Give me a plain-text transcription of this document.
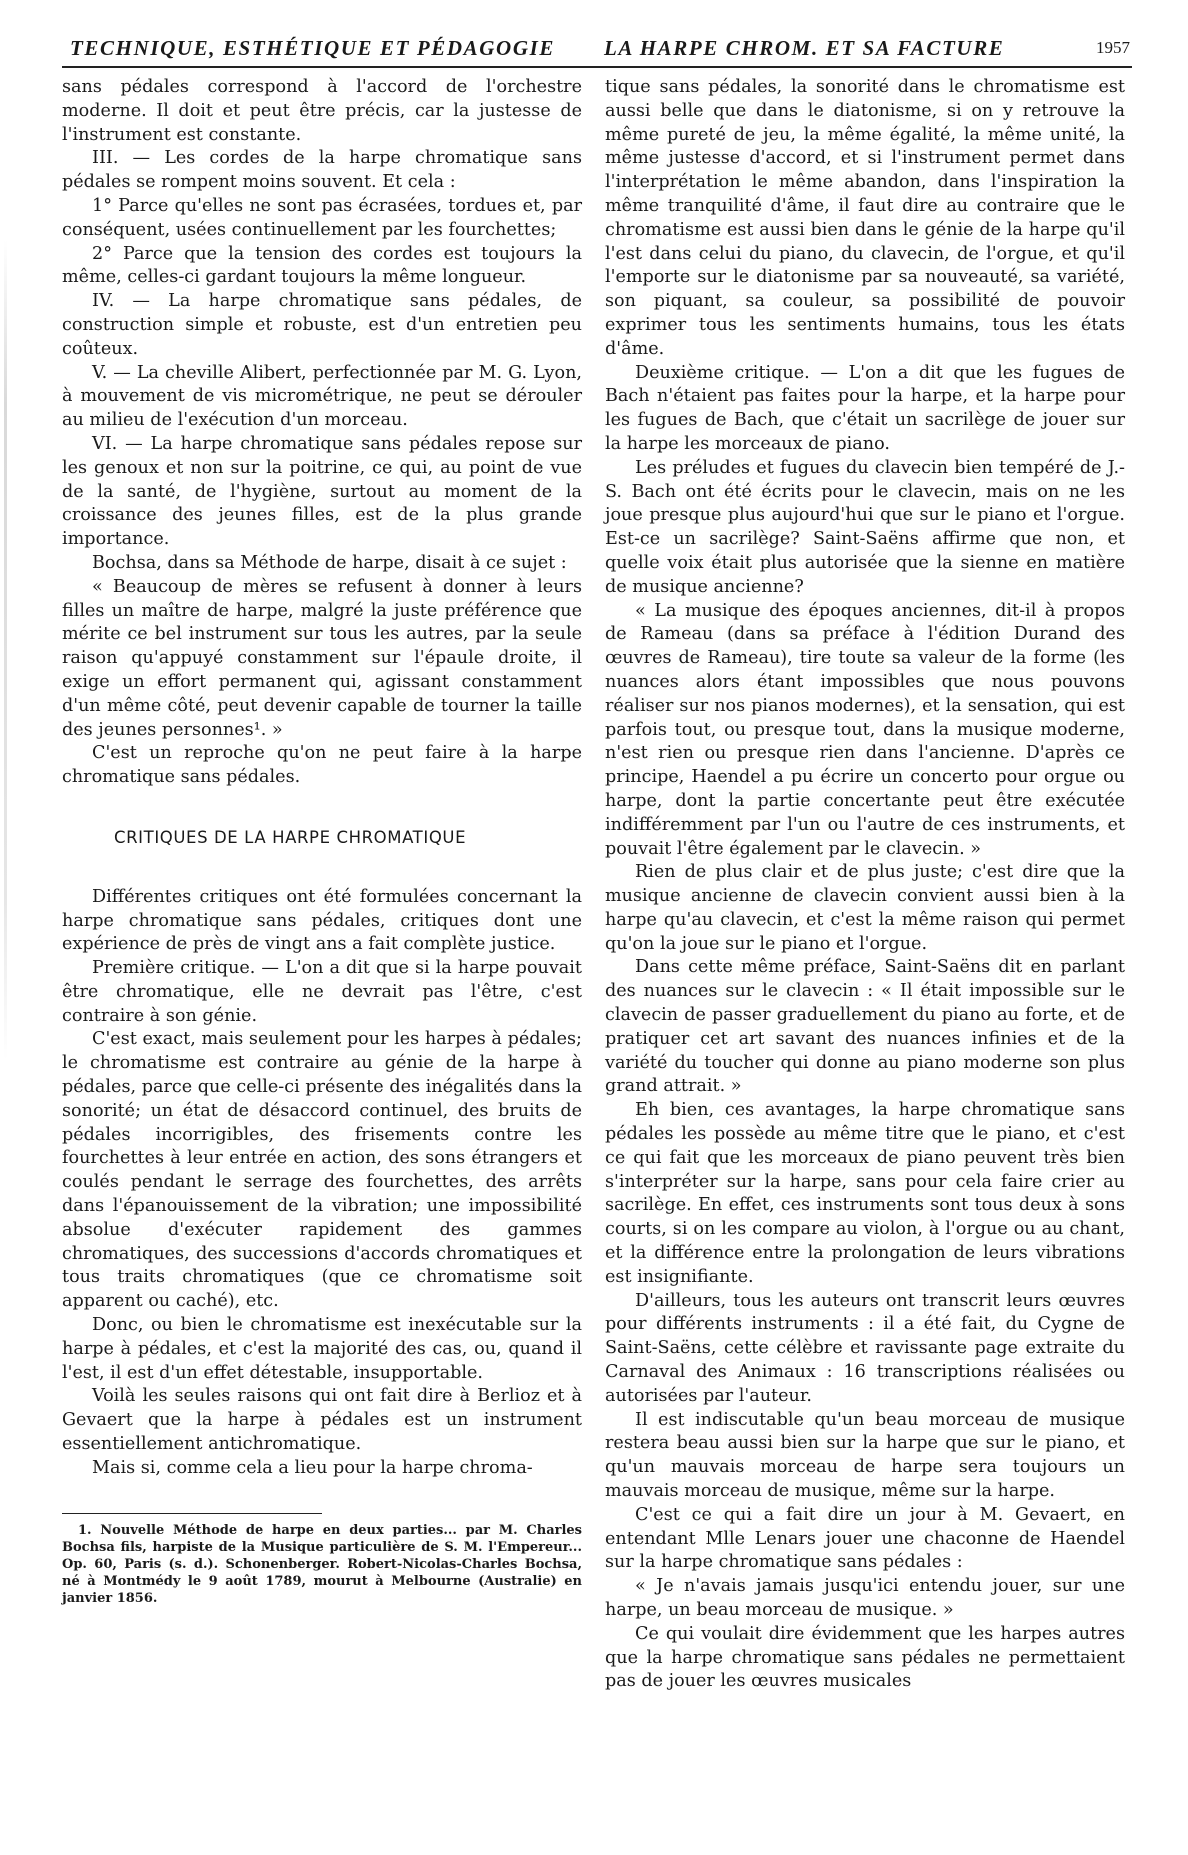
TECHNIQUE, ESTHÉTIQUE ET PÉDAGOGIE LA HARPE CHROM. ET SA FACTURE	1957

sans pédales correspond à l'accord de l'orchestre moderne. Il doit et peut être précis, car la justesse de l'instrument est constante.

III. — Les cordes de la harpe chromatique sans pédales se rompent moins souvent. Et cela :

1° Parce qu'elles ne sont pas écrasées, tordues et, par conséquent, usées continuellement par les fourchettes;

2° Parce que la tension des cordes est toujours la même, celles-ci gardant toujours la même longueur.

IV. — La harpe chromatique sans pédales, de construction simple et robuste, est d'un entretien peu coûteux.

V. — La cheville Alibert, perfectionnée par M. G. Lyon, à mouvement de vis micrométrique, ne peut se dérouler au milieu de l'exécution d'un morceau.

VI. — La harpe chromatique sans pédales repose sur les genoux et non sur la poitrine, ce qui, au point de vue de la santé, de l'hygiène, surtout au moment de la croissance des jeunes filles, est de la plus grande importance.

Bochsa, dans sa Méthode de harpe, disait à ce sujet :

« Beaucoup de mères se refusent à donner à leurs filles un maître de harpe, malgré la juste préférence que mérite ce bel instrument sur tous les autres, par la seule raison qu'appuyé constamment sur l'épaule droite, il exige un effort permanent qui, agissant constamment d'un même côté, peut devenir capable de tourner la taille des jeunes personnes¹. »

C'est un reproche qu'on ne peut faire à la harpe chromatique sans pédales.

CRITIQUES DE LA HARPE CHROMATIQUE

Différentes critiques ont été formulées concernant la harpe chromatique sans pédales, critiques dont une expérience de près de vingt ans a fait complète justice.

Première critique. — L'on a dit que si la harpe pouvait être chromatique, elle ne devrait pas l'être, c'est contraire à son génie.

C'est exact, mais seulement pour les harpes à pédales; le chromatisme est contraire au génie de la harpe à pédales, parce que celle-ci présente des inégalités dans la sonorité; un état de désaccord continuel, des bruits de pédales incorrigibles, des frisements contre les fourchettes à leur entrée en action, des sons étrangers et coulés pendant le serrage des fourchettes, des arrêts dans l'épanouissement de la vibration; une impossibilité absolue d'exécuter rapidement des gammes chromatiques, des successions d'accords chromatiques et tous traits chromatiques (que ce chromatisme soit apparent ou caché), etc.

Donc, ou bien le chromatisme est inexécutable sur la harpe à pédales, et c'est la majorité des cas, ou, quand il l'est, il est d'un effet détestable, insupportable.

Voilà les seules raisons qui ont fait dire à Berlioz et à Gevaert que la harpe à pédales est un instrument essentiellement antichromatique.

Mais si, comme cela a lieu pour la harpe chroma-

1. Nouvelle Méthode de harpe en deux parties... par M. Charles Bochsa fils, harpiste de la Musique particulière de S. M. l'Empereur... Op. 60, Paris (s. d.). Schonenberger. Robert-Nicolas-Charles Bochsa, né à Montmédy le 9 août 1789, mourut à Melbourne (Australie) en janvier 1856.

tique sans pédales, la sonorité dans le chromatisme est aussi belle que dans le diatonisme, si on y retrouve la même pureté de jeu, la même égalité, la même unité, la même justesse d'accord, et si l'instrument permet dans l'interprétation le même abandon, dans l'inspiration la même tranquilité d'âme, il faut dire au contraire que le chromatisme est aussi bien dans le génie de la harpe qu'il l'est dans celui du piano, du clavecin, de l'orgue, et qu'il l'emporte sur le diatonisme par sa nouveauté, sa variété, son piquant, sa couleur, sa possibilité de pouvoir exprimer tous les sentiments humains, tous les états d'âme.

Deuxième critique. — L'on a dit que les fugues de Bach n'étaient pas faites pour la harpe, et la harpe pour les fugues de Bach, que c'était un sacrilège de jouer sur la harpe les morceaux de piano.

Les préludes et fugues du clavecin bien tempéré de J.-S. Bach ont été écrits pour le clavecin, mais on ne les joue presque plus aujourd'hui que sur le piano et l'orgue. Est-ce un sacrilège? Saint-Saëns affirme que non, et quelle voix était plus autorisée que la sienne en matière de musique ancienne?

« La musique des époques anciennes, dit-il à propos de Rameau (dans sa préface à l'édition Durand des œuvres de Rameau), tire toute sa valeur de la forme (les nuances alors étant impossibles que nous pouvons réaliser sur nos pianos modernes), et la sensation, qui est parfois tout, ou presque tout, dans la musique moderne, n'est rien ou presque rien dans l'ancienne. D'après ce principe, Haendel a pu écrire un concerto pour orgue ou harpe, dont la partie concertante peut être exécutée indifféremment par l'un ou l'autre de ces instruments, et pouvait l'être également par le clavecin. »

Rien de plus clair et de plus juste; c'est dire que la musique ancienne de clavecin convient aussi bien à la harpe qu'au clavecin, et c'est la même raison qui permet qu'on la joue sur le piano et l'orgue.

Dans cette même préface, Saint-Saëns dit en parlant des nuances sur le clavecin : « Il était impossible sur le clavecin de passer graduellement du piano au forte, et de pratiquer cet art savant des nuances infinies et de la variété du toucher qui donne au piano moderne son plus grand attrait. »

Eh bien, ces avantages, la harpe chromatique sans pédales les possède au même titre que le piano, et c'est ce qui fait que les morceaux de piano peuvent très bien s'interpréter sur la harpe, sans pour cela faire crier au sacrilège. En effet, ces instruments sont tous deux à sons courts, si on les compare au violon, à l'orgue ou au chant, et la différence entre la prolongation de leurs vibrations est insignifiante.

D'ailleurs, tous les auteurs ont transcrit leurs œuvres pour différents instruments : il a été fait, du Cygne de Saint-Saëns, cette célèbre et ravissante page extraite du Carnaval des Animaux : 16 transcriptions réalisées ou autorisées par l'auteur.

Il est indiscutable qu'un beau morceau de musique restera beau aussi bien sur la harpe que sur le piano, et qu'un mauvais morceau de harpe sera toujours un mauvais morceau de musique, même sur la harpe.

C'est ce qui a fait dire un jour à M. Gevaert, en entendant Mlle Lenars jouer une chaconne de Haendel sur la harpe chromatique sans pédales :

« Je n'avais jamais jusqu'ici entendu jouer, sur une harpe, un beau morceau de musique. »

Ce qui voulait dire évidemment que les harpes autres que la harpe chromatique sans pédales ne permettaient pas de jouer les œuvres musicales
